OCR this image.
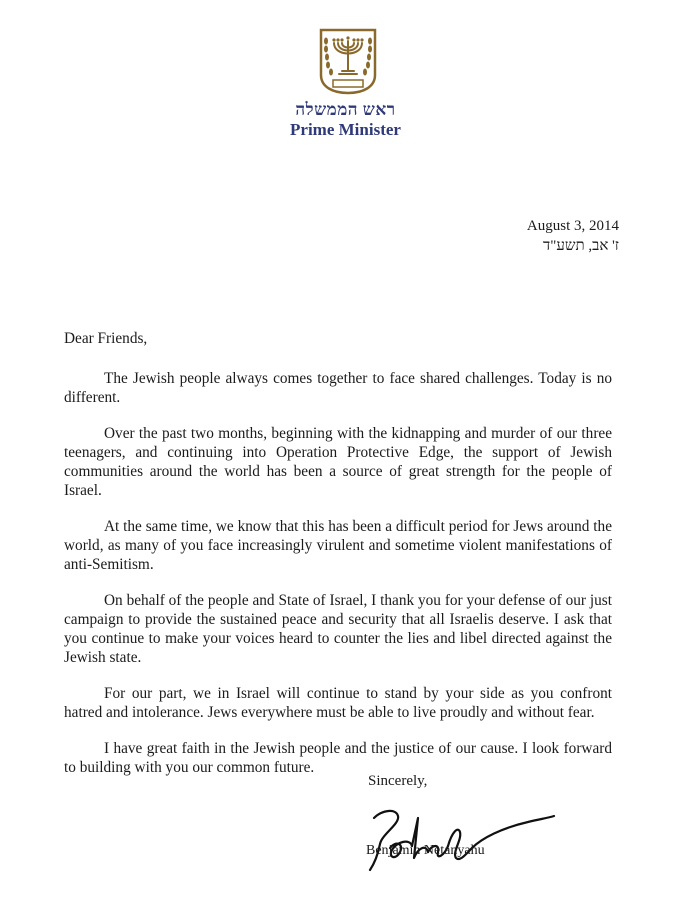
ראש הממשלה
Prime Minister
August 3, 2014
ז' אב, תשע"ד

Dear Friends,

The Jewish people always comes together to face shared challenges. Today is no different.

Over the past two months, beginning with the kidnapping and murder of our three teenagers, and continuing into Operation Protective Edge, the support of Jewish communities around the world has been a source of great strength for the people of Israel.

At the same time, we know that this has been a difficult period for Jews around the world, as many of you face increasingly virulent and sometime violent manifestations of anti-Semitism.

On behalf of the people and State of Israel, I thank you for your defense of our just campaign to provide the sustained peace and security that all Israelis deserve. I ask that you continue to make your voices heard to counter the lies and libel directed against the Jewish state.

For our part, we in Israel will continue to stand by your side as you confront hatred and intolerance. Jews everywhere must be able to live proudly and without fear.

I have great faith in the Jewish people and the justice of our cause. I look forward to building with you our common future.

Sincerely,
Benjamin Netanyahu
